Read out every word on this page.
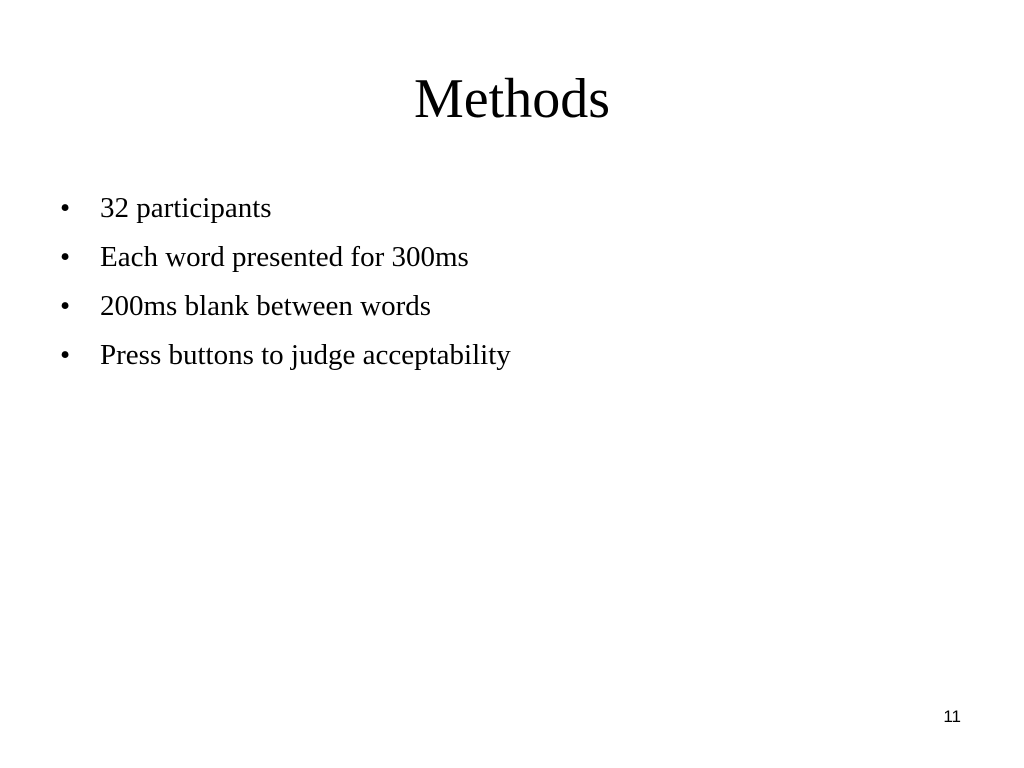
Methods
•	32 participants
•	Each word presented for 300ms
•	200ms blank between words
•	Press buttons to judge acceptability
11
